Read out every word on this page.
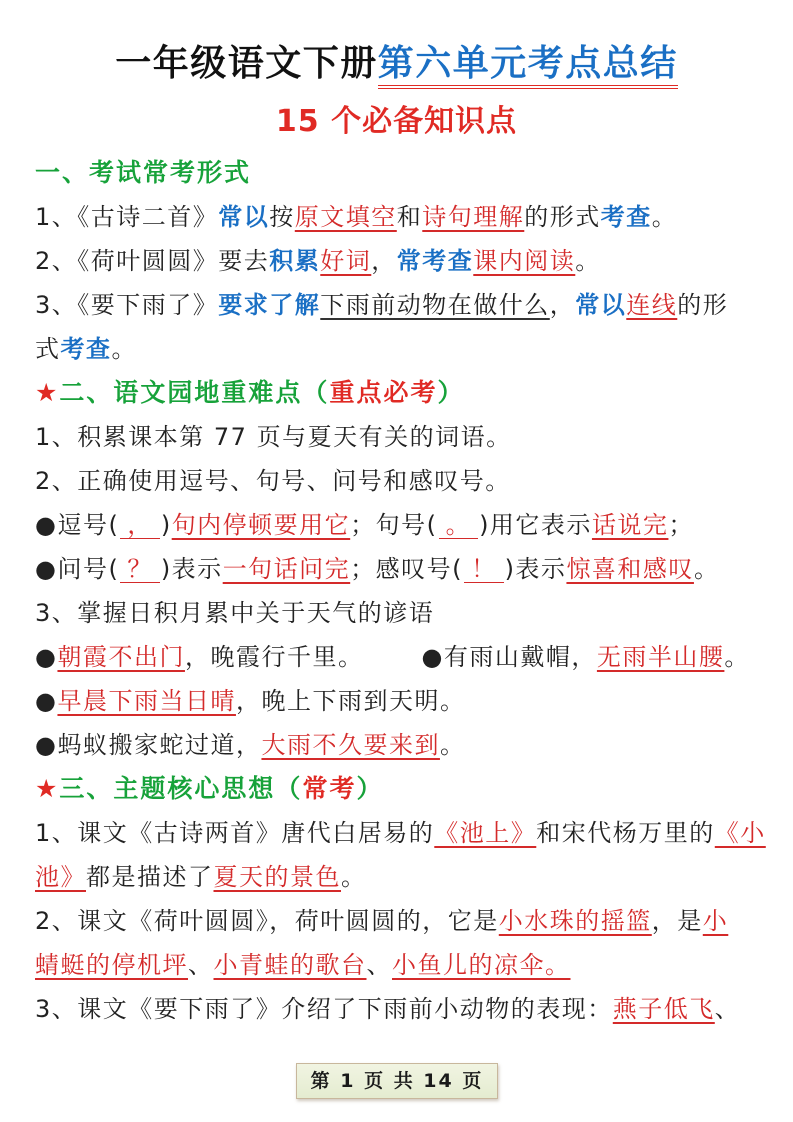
一年级语文下册第六单元考点总结
15 个必备知识点
一、考试常考形式
1、《古诗二首》常以按原文填空和诗句理解的形式考查。
2、《荷叶圆圆》要去积累好词，常考查课内阅读。
3、《要下雨了》要求了解下雨前动物在做什么，常以连线的形
式考查。
★二、语文园地重难点（重点必考）
1、积累课本第 77 页与夏天有关的词语。
2、正确使用逗号、句号、问号和感叹号。
●逗号( ， )句内停顿要用它；句号( 。 )用它表示话说完；
●问号( ？ )表示一句话问完；感叹号( ！ )表示惊喜和感叹。
3、掌握日积月累中关于天气的谚语
●朝霞不出门，晚霞行千里。 ●有雨山戴帽，无雨半山腰。
●早晨下雨当日晴，晚上下雨到天明。
●蚂蚁搬家蛇过道，大雨不久要来到。
★三、主题核心思想（常考）
1、课文《古诗两首》唐代白居易的《池上》和宋代杨万里的《小
池》都是描述了夏天的景色。
2、课文《荷叶圆圆》，荷叶圆圆的，它是小水珠的摇篮，是小
蜻蜓的停机坪、小青蛙的歌台、小鱼儿的凉伞。
3、课文《要下雨了》介绍了下雨前小动物的表现：燕子低飞、
第 1 页 共 14 页
